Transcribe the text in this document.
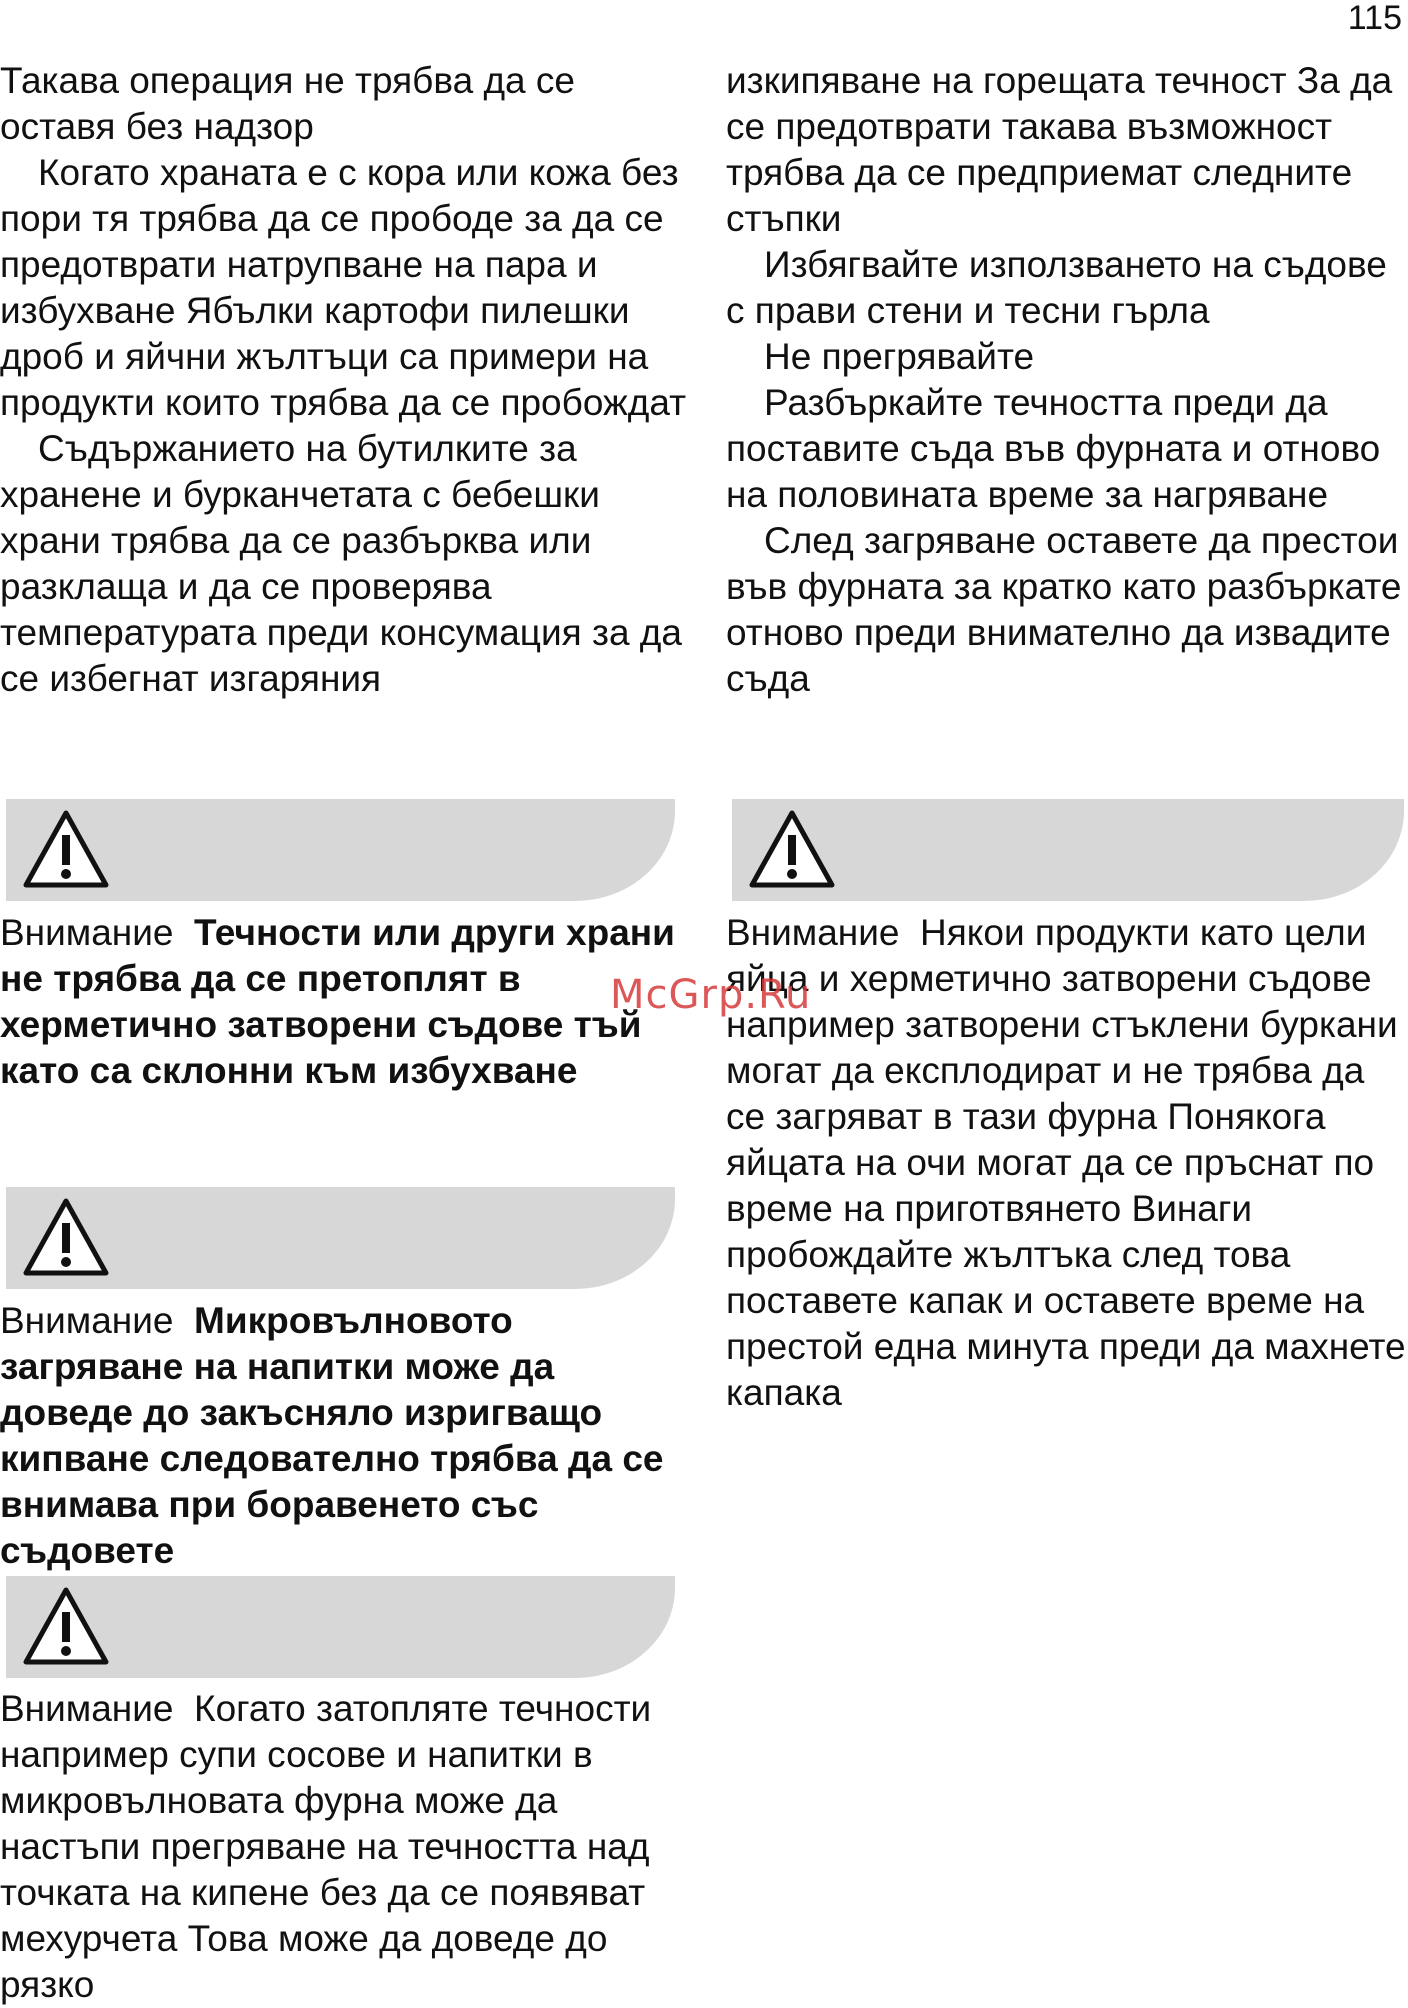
115

Такава операция не трябва да се оставя без надзор

Когато храната е с кора или кожа без пори тя трябва да се прободе за да се предотврати натрупване на пара и избухване Ябълки картофи пилешки дроб и яйчни жълтъци са примери на продукти които трябва да се пробождат

Съдържанието на бутилките за хранене и бурканчетата с бебешки храни трябва да се разбърква или разклаща и да се проверява температурата преди консумация за да се избегнат изгаряния

Внимание Течности или други храни не трябва да се претоплят в херметично затворени съдове тъй като са склонни към избухване

Внимание Микровълновото загряване на напитки може да доведе до закъсняло изригващо кипване следователно трябва да се внимава при боравенето със съдовете

Внимание Когато затопляте течности например супи сосове и напитки в микровълновата фурна може да настъпи прегряване на течността над точката на кипене без да се появяват мехурчета Това може да доведе до рязко

изкипяване на горещата течност За да се предотврати такава възможност трябва да се предприемат следните стъпки

Избягвайте използването на съдове с прави стени и тесни гърла

Не прегрявайте

Разбъркайте течността преди да поставите съда във фурната и отново на половината време за нагряване

След загряване оставете да престои във фурната за кратко като разбъркате отново преди внимателно да извадите съда

Внимание Някои продукти като цели яйца и херметично затворени съдове например затворени стъклени буркани могат да експлодират и не трябва да се загряват в тази фурна Понякога яйцата на очи могат да се пръснат по време на приготвянето Винаги пробождайте жълтъка след това поставете капак и оставете време на престой една минута преди да махнете капака

McGrp.Ru
